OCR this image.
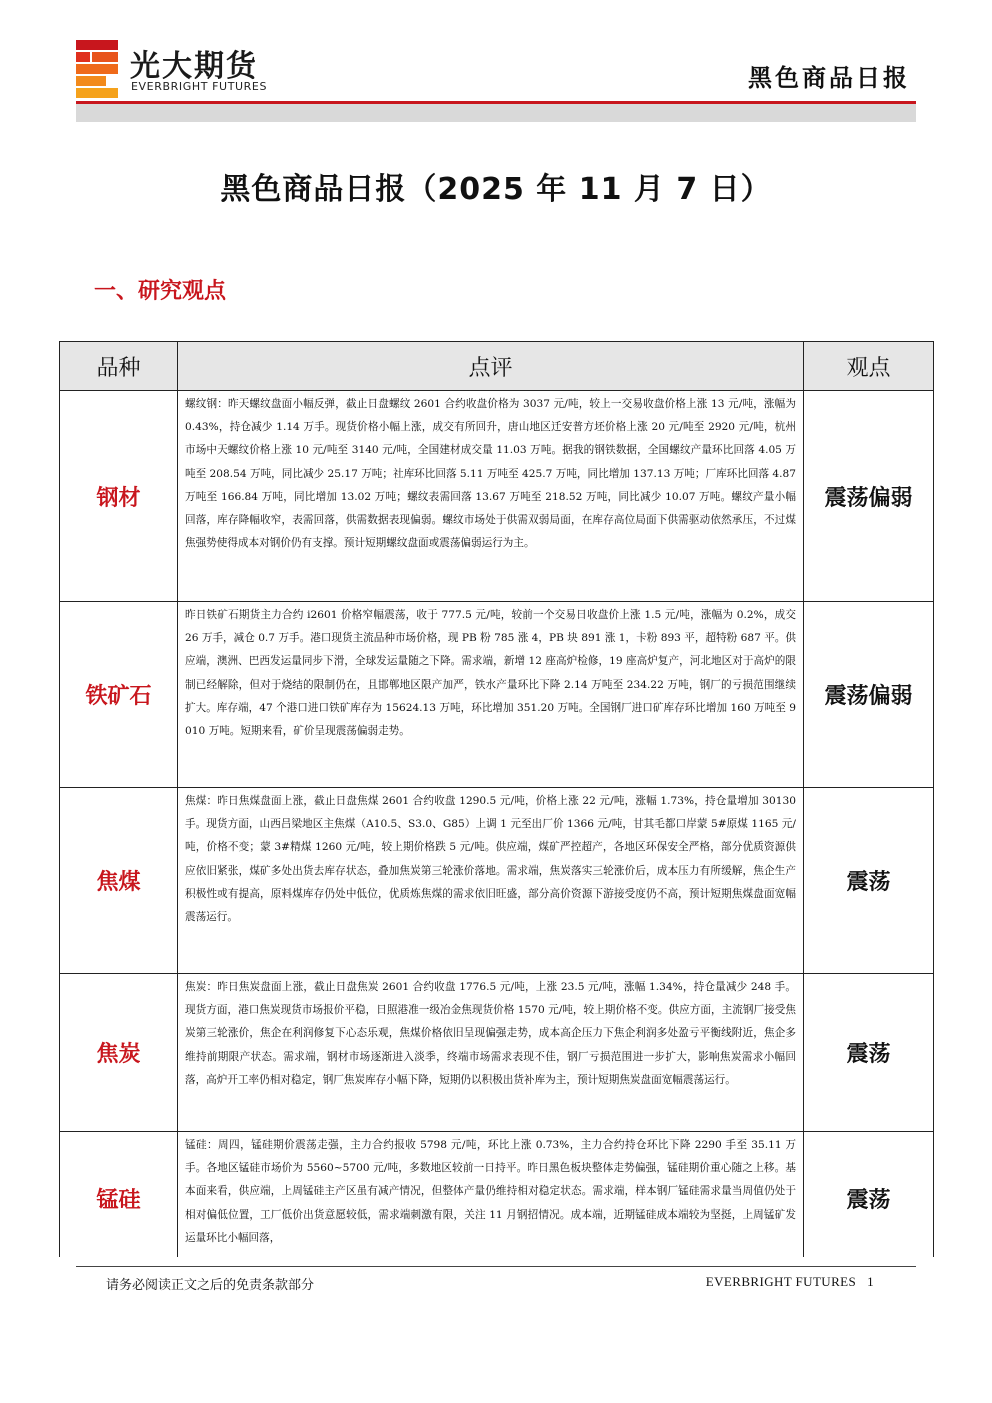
光大期货
EVERBRIGHT FUTURES	黑色商品日报
黑色商品日报（2025 年 11 月 7 日）
一、研究观点
品种	点评	观点
钢材	螺纹钢：昨天螺纹盘面小幅反弹，截止日盘螺纹 2601 合约收盘价格为 3037 元/吨，较上一交易收盘价格上涨 13 元/吨，涨幅为 0.43%，持仓减少 1.14 万手。现货价格小幅上涨，成交有所回升，唐山地区迁安普方坯价格上涨 20 元/吨至 2920 元/吨，杭州市场中天螺纹价格上涨 10 元/吨至 3140 元/吨，全国建材成交量 11.03 万吨。据我的钢铁数据，全国螺纹产量环比回落 4.05 万吨至 208.54 万吨，同比减少 25.17 万吨；社库环比回落 5.11 万吨至 425.7 万吨，同比增加 137.13 万吨；厂库环比回落 4.87 万吨至 166.84 万吨，同比增加 13.02 万吨；螺纹表需回落 13.67 万吨至 218.52 万吨，同比减少 10.07 万吨。螺纹产量小幅回落，库存降幅收窄，表需回落，供需数据表现偏弱。螺纹市场处于供需双弱局面，在库存高位局面下供需驱动依然承压，不过煤焦强势使得成本对钢价仍有支撑。预计短期螺纹盘面或震荡偏弱运行为主。	震荡偏弱
铁矿石	昨日铁矿石期货主力合约 i2601 价格窄幅震荡，收于 777.5 元/吨，较前一个交易日收盘价上涨 1.5 元/吨，涨幅为 0.2%，成交 26 万手，减仓 0.7 万手。港口现货主流品种市场价格，现 PB 粉 785 涨 4，PB 块 891 涨 1，卡粉 893 平，超特粉 687 平。供应端，澳洲、巴西发运量同步下滑，全球发运量随之下降。需求端，新增 12 座高炉检修，19 座高炉复产，河北地区对于高炉的限制已经解除，但对于烧结的限制仍在，且邯郸地区限产加严，铁水产量环比下降 2.14 万吨至 234.22 万吨，钢厂的亏损范围继续扩大。库存端，47 个港口进口铁矿库存为 15624.13 万吨，环比增加 351.20 万吨。全国钢厂进口矿库存环比增加 160 万吨至 9010 万吨。短期来看，矿价呈现震荡偏弱走势。	震荡偏弱
焦煤	焦煤：昨日焦煤盘面上涨，截止日盘焦煤 2601 合约收盘 1290.5 元/吨，价格上涨 22 元/吨，涨幅 1.73%，持仓量增加 30130 手。现货方面，山西吕梁地区主焦煤（A10.5、S3.0、G85）上调 1 元至出厂价 1366 元/吨，甘其毛都口岸蒙 5#原煤 1165 元/吨，价格不变；蒙 3#精煤 1260 元/吨，较上期价格跌 5 元/吨。供应端，煤矿严控超产，各地区环保安全严格，部分优质资源供应依旧紧张，煤矿多处出货去库存状态，叠加焦炭第三轮涨价落地。需求端，焦炭落实三轮涨价后，成本压力有所缓解，焦企生产积极性或有提高，原料煤库存仍处中低位，优质炼焦煤的需求依旧旺盛，部分高价资源下游接受度仍不高，预计短期焦煤盘面宽幅震荡运行。	震荡
焦炭	焦炭：昨日焦炭盘面上涨，截止日盘焦炭 2601 合约收盘 1776.5 元/吨，上涨 23.5 元/吨，涨幅 1.34%，持仓量减少 248 手。现货方面，港口焦炭现货市场报价平稳，日照港准一级冶金焦现货价格 1570 元/吨，较上期价格不变。供应方面，主流钢厂接受焦炭第三轮涨价，焦企在利润修复下心态乐观，焦煤价格依旧呈现偏强走势，成本高企压力下焦企利润多处盈亏平衡线附近，焦企多维持前期限产状态。需求端，钢材市场逐渐进入淡季，终端市场需求表现不佳，钢厂亏损范围进一步扩大，影响焦炭需求小幅回落，高炉开工率仍相对稳定，钢厂焦炭库存小幅下降，短期仍以积极出货补库为主，预计短期焦炭盘面宽幅震荡运行。	震荡
锰硅	锰硅：周四，锰硅期价震荡走强，主力合约报收 5798 元/吨，环比上涨 0.73%，主力合约持仓环比下降 2290 手至 35.11 万手。各地区锰硅市场价为 5560~5700 元/吨，多数地区较前一日持平。昨日黑色板块整体走势偏强，锰硅期价重心随之上移。基本面来看，供应端，上周锰硅主产区虽有减产情况，但整体产量仍维持相对稳定状态。需求端，样本钢厂锰硅需求量当周值仍处于相对偏低位置，工厂低价出货意愿较低，需求端刺激有限，关注 11 月钢招情况。成本端，近期锰硅成本端较为坚挺，上周锰矿发运量环比小幅回落，	震荡
请务必阅读正文之后的免责条款部分	EVERBRIGHT FUTURES 1
